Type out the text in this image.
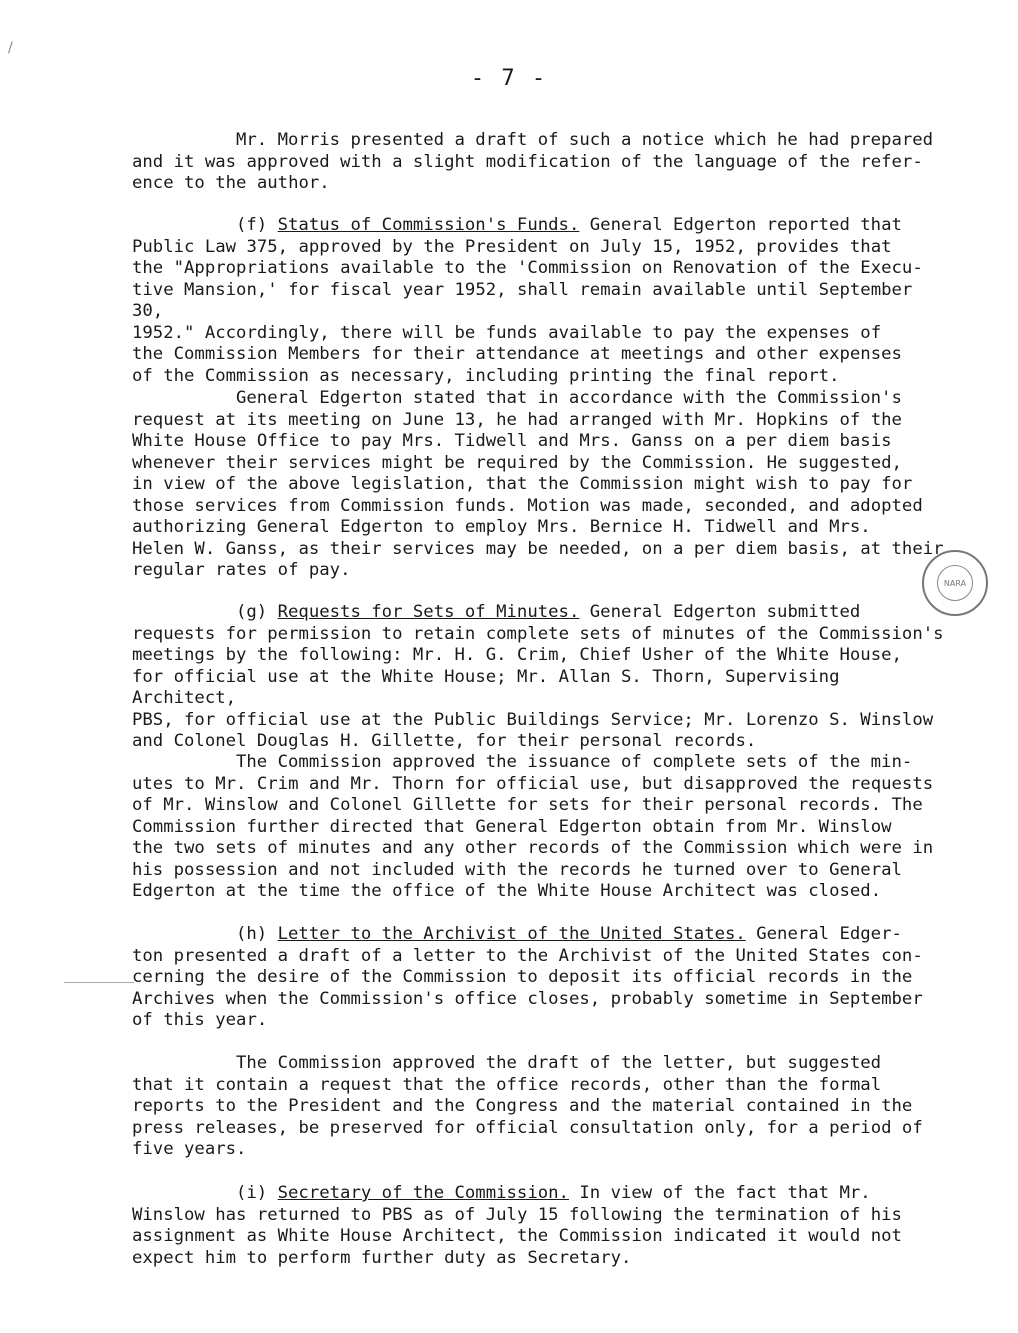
- 7 -

Mr. Morris presented a draft of such a notice which he had prepared
and it was approved with a slight modification of the language of the refer-
ence to the author.

(f) Status of Commission's Funds. General Edgerton reported that
Public Law 375, approved by the President on July 15, 1952, provides that
the "Appropriations available to the 'Commission on Renovation of the Execu-
tive Mansion,' for fiscal year 1952, shall remain available until September 30,
1952." Accordingly, there will be funds available to pay the expenses of
the Commission Members for their attendance at meetings and other expenses
of the Commission as necessary, including printing the final report.

General Edgerton stated that in accordance with the Commission's
request at its meeting on June 13, he had arranged with Mr. Hopkins of the
White House Office to pay Mrs. Tidwell and Mrs. Ganss on a per diem basis
whenever their services might be required by the Commission. He suggested,
in view of the above legislation, that the Commission might wish to pay for
those services from Commission funds. Motion was made, seconded, and adopted
authorizing General Edgerton to employ Mrs. Bernice H. Tidwell and Mrs.
Helen W. Ganss, as their services may be needed, on a per diem basis, at their
regular rates of pay.

(g) Requests for Sets of Minutes. General Edgerton submitted
requests for permission to retain complete sets of minutes of the Commission's
meetings by the following: Mr. H. G. Crim, Chief Usher of the White House,
for official use at the White House; Mr. Allan S. Thorn, Supervising Architect,
PBS, for official use at the Public Buildings Service; Mr. Lorenzo S. Winslow
and Colonel Douglas H. Gillette, for their personal records.

The Commission approved the issuance of complete sets of the min-
utes to Mr. Crim and Mr. Thorn for official use, but disapproved the requests
of Mr. Winslow and Colonel Gillette for sets for their personal records. The
Commission further directed that General Edgerton obtain from Mr. Winslow
the two sets of minutes and any other records of the Commission which were in
his possession and not included with the records he turned over to General
Edgerton at the time the office of the White House Architect was closed.

(h) Letter to the Archivist of the United States. General Edger-
ton presented a draft of a letter to the Archivist of the United States con-
cerning the desire of the Commission to deposit its official records in the
Archives when the Commission's office closes, probably sometime in September
of this year.

The Commission approved the draft of the letter, but suggested
that it contain a request that the office records, other than the formal
reports to the President and the Congress and the material contained in the
press releases, be preserved for official consultation only, for a period of
five years.

(i) Secretary of the Commission. In view of the fact that Mr.
Winslow has returned to PBS as of July 15 following the termination of his
assignment as White House Architect, the Commission indicated it would not
expect him to perform further duty as Secretary.

NARA
/
